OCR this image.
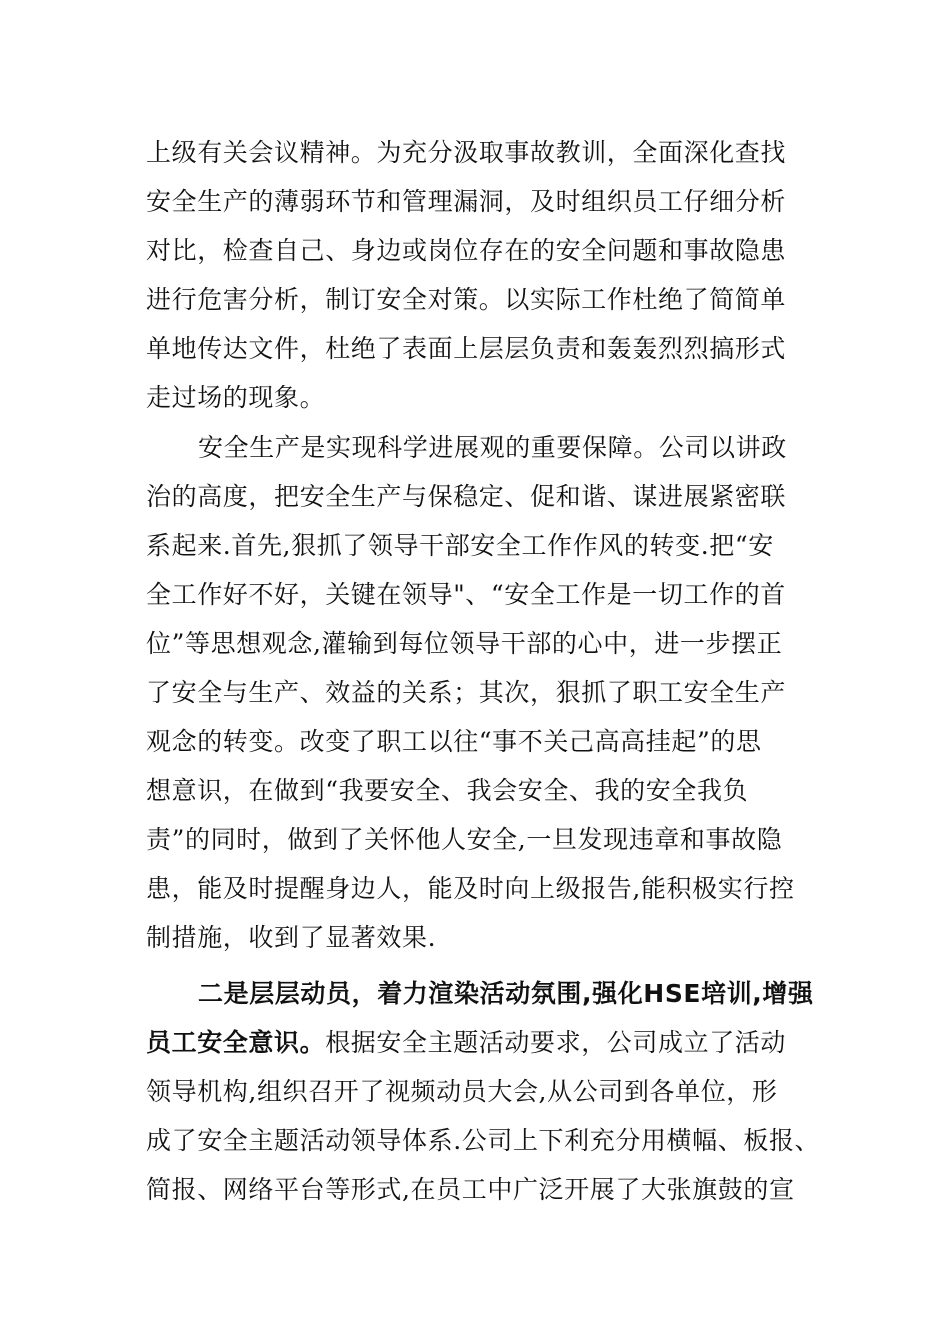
上级有关会议精神。为充分汲取事故教训，全面深化查找
安全生产的薄弱环节和管理漏洞，及时组织员工仔细分析
对比，检查自己、身边或岗位存在的安全问题和事故隐患
进行危害分析，制订安全对策。以实际工作杜绝了简简单
单地传达文件，杜绝了表面上层层负责和轰轰烈烈搞形式
走过场的现象。
安全生产是实现科学进展观的重要保障。公司以讲政
治的高度，把安全生产与保稳定、促和谐、谋进展紧密联
系起来.首先,狠抓了领导干部安全工作作风的转变.把“安
全工作好不好，关键在领导"、“安全工作是一切工作的首
位”等思想观念,灌输到每位领导干部的心中，进一步摆正
了安全与生产、效益的关系；其次，狠抓了职工安全生产
观念的转变。改变了职工以往“事不关己高高挂起”的思
想意识，在做到“我要安全、我会安全、我的安全我负
责”的同时，做到了关怀他人安全,一旦发现违章和事故隐
患，能及时提醒身边人，能及时向上级报告,能积极实行控
制措施，收到了显著效果.
二是层层动员，着力渲染活动氛围,强化HSE培训,增强
员工安全意识。根据安全主题活动要求，公司成立了活动
领导机构,组织召开了视频动员大会,从公司到各单位，形
成了安全主题活动领导体系.公司上下利充分用横幅、板报、
简报、网络平台等形式,在员工中广泛开展了大张旗鼓的宣
